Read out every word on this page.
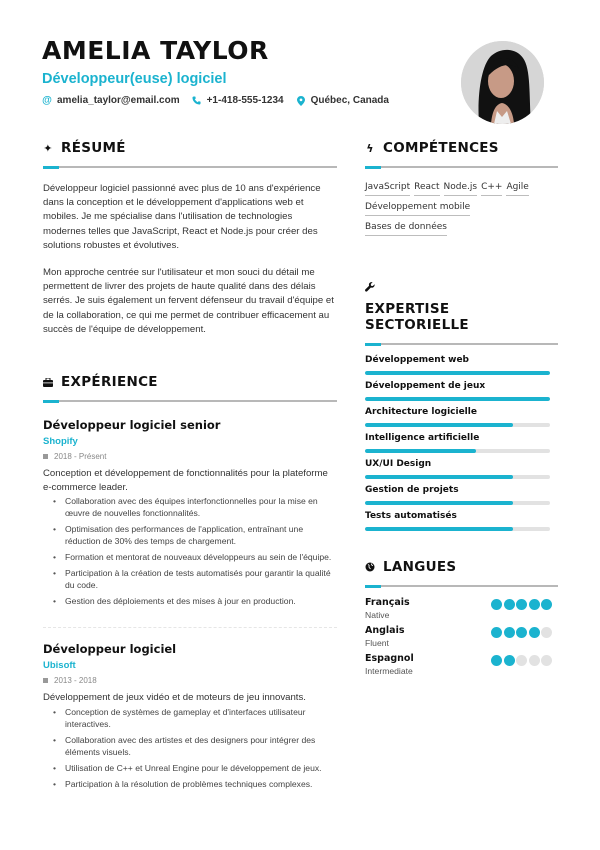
AMELIA TAYLOR
Développeur(euse) logiciel
@ amelia_taylor@email.com	+1-418-555-1234	Québec, Canada
✦ RÉSUMÉ

Développeur logiciel passionné avec plus de 10 ans d'expérience dans la conception et le développement d'applications web et mobiles. Je me spécialise dans l'utilisation de technologies modernes telles que JavaScript, React et Node.js pour créer des solutions robustes et évolutives.

Mon approche centrée sur l'utilisateur et mon souci du détail me permettent de livrer des projets de haute qualité dans des délais serrés. Je suis également un fervent défenseur du travail d'équipe et de la collaboration, ce qui me permet de contribuer efficacement au succès de l'équipe de développement.

EXPÉRIENCE
Développeur logiciel senior
Shopify
2018 - Présent
Conception et développement de fonctionnalités pour la plateforme e-commerce leader.
• Collaboration avec des équipes interfonctionnelles pour la mise en œuvre de nouvelles fonctionnalités.
• Optimisation des performances de l'application, entraînant une réduction de 30% des temps de chargement.
• Formation et mentorat de nouveaux développeurs au sein de l'équipe.
• Participation à la création de tests automatisés pour garantir la qualité du code.
• Gestion des déploiements et des mises à jour en production.
Développeur logiciel
Ubisoft
2013 - 2018
Développement de jeux vidéo et de moteurs de jeu innovants.
• Conception de systèmes de gameplay et d'interfaces utilisateur interactives.
• Collaboration avec des artistes et des designers pour intégrer des éléments visuels.
• Utilisation de C++ et Unreal Engine pour le développement de jeux.
• Participation à la résolution de problèmes techniques complexes.
ϟ COMPÉTENCES
JavaScript React Node.js C++ Agile
Développement mobile
Bases de données
EXPERTISE SECTORIELLE
Développement web
Développement de jeux
Architecture logicielle
Intelligence artificielle
UX/UI Design
Gestion de projets
Tests automatisés
LANGUES
Français
Native
Anglais
Fluent
Espagnol
Intermediate
